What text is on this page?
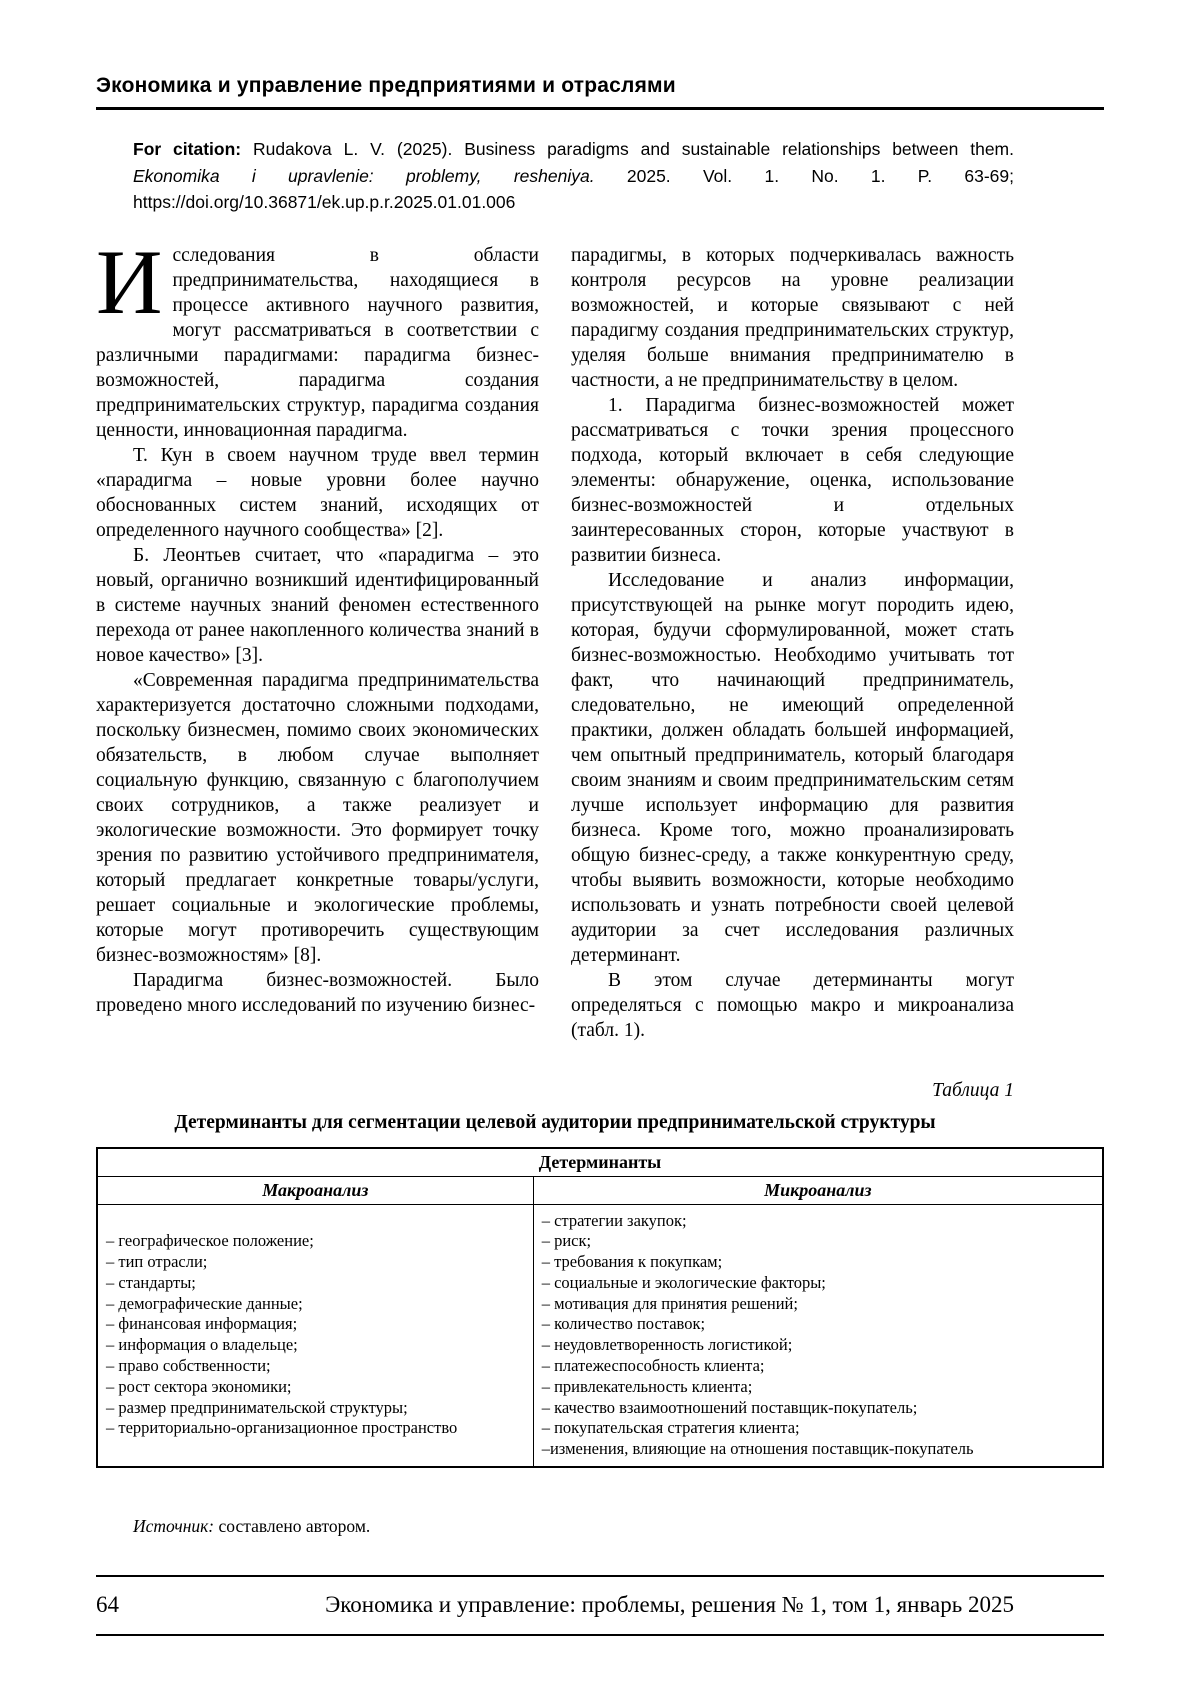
Экономика и управление предприятиями и отраслями

For citation: Rudakova L. V. (2025). Business paradigms and sustainable relationships between them. Ekonomika i upravlenie: problemy, resheniya. 2025. Vol. 1. No. 1. P. 63-69; https://doi.org/10.36871/ek.up.p.r.2025.01.01.006

Исследования в области предпринимательства, находящиеся в процессе активного научного развития, могут рассматриваться в соответствии с различными парадигмами: парадигма бизнес-возможностей, парадигма создания предпринимательских структур, парадигма создания ценности, инновационная парадигма.

Т. Кун в своем научном труде ввел термин «парадигма – новые уровни более научно обоснованных систем знаний, исходящих от определенного научного сообщества» [2].

Б. Леонтьев считает, что «парадигма – это новый, органично возникший идентифицированный в системе научных знаний феномен естественного перехода от ранее накопленного количества знаний в новое качество» [3].

«Современная парадигма предпринимательства характеризуется достаточно сложными подходами, поскольку бизнесмен, помимо своих экономических обязательств, в любом случае выполняет социальную функцию, связанную с благополучием своих сотрудников, а также реализует и экологические возможности. Это формирует точку зрения по развитию устойчивого предпринимателя, который предлагает конкретные товары/услуги, решает социальные и экологические проблемы, которые могут противоречить существующим бизнес-возможностям» [8].

Парадигма бизнес-возможностей. Было проведено много исследований по изучению бизнес-

парадигмы, в которых подчеркивалась важность контроля ресурсов на уровне реализации возможностей, и которые связывают с ней парадигму создания предпринимательских структур, уделяя больше внимания предпринимателю в частности, а не предпринимательству в целом.

1. Парадигма бизнес-возможностей может рассматриваться с точки зрения процессного подхода, который включает в себя следующие элементы: обнаружение, оценка, использование бизнес-возможностей и отдельных заинтересованных сторон, которые участвуют в развитии бизнеса.

Исследование и анализ информации, присутствующей на рынке могут породить идею, которая, будучи сформулированной, может стать бизнес-возможностью. Необходимо учитывать тот факт, что начинающий предприниматель, следовательно, не имеющий определенной практики, должен обладать большей информацией, чем опытный предприниматель, который благодаря своим знаниям и своим предпринимательским сетям лучше использует информацию для развития бизнеса. Кроме того, можно проанализировать общую бизнес-среду, а также конкурентную среду, чтобы выявить возможности, которые необходимо использовать и узнать потребности своей целевой аудитории за счет исследования различных детерминант.

В этом случае детерминанты могут определяться с помощью макро и микроанализа (табл. 1).

Таблица 1
Детерминанты для сегментации целевой аудитории предпринимательской структуры
Детерминанты	
Макроанализ	Микроанализ

– географическое положение;
– тип отрасли;
– стандарты;
– демографические данные;
– финансовая информация;
– информация о владельце;
– право собственности;
– рост сектора экономики;
– размер предпринимательской структуры;
– территориально-организационное пространство

– стратегии закупок;
– риск;
– требования к покупкам;
– социальные и экологические факторы;
– мотивация для принятия решений;
– количество поставок;
– неудовлетворенность логистикой;
– платежеспособность клиента;
– привлекательность клиента;
– качество взаимоотношений поставщик-покупатель;
– покупательская стратегия клиента;
–изменения, влияющие на отношения поставщик-покупатель

Источник: составлено автором.

64	Экономика и управление: проблемы, решения № 1, том 1, январь 2025
